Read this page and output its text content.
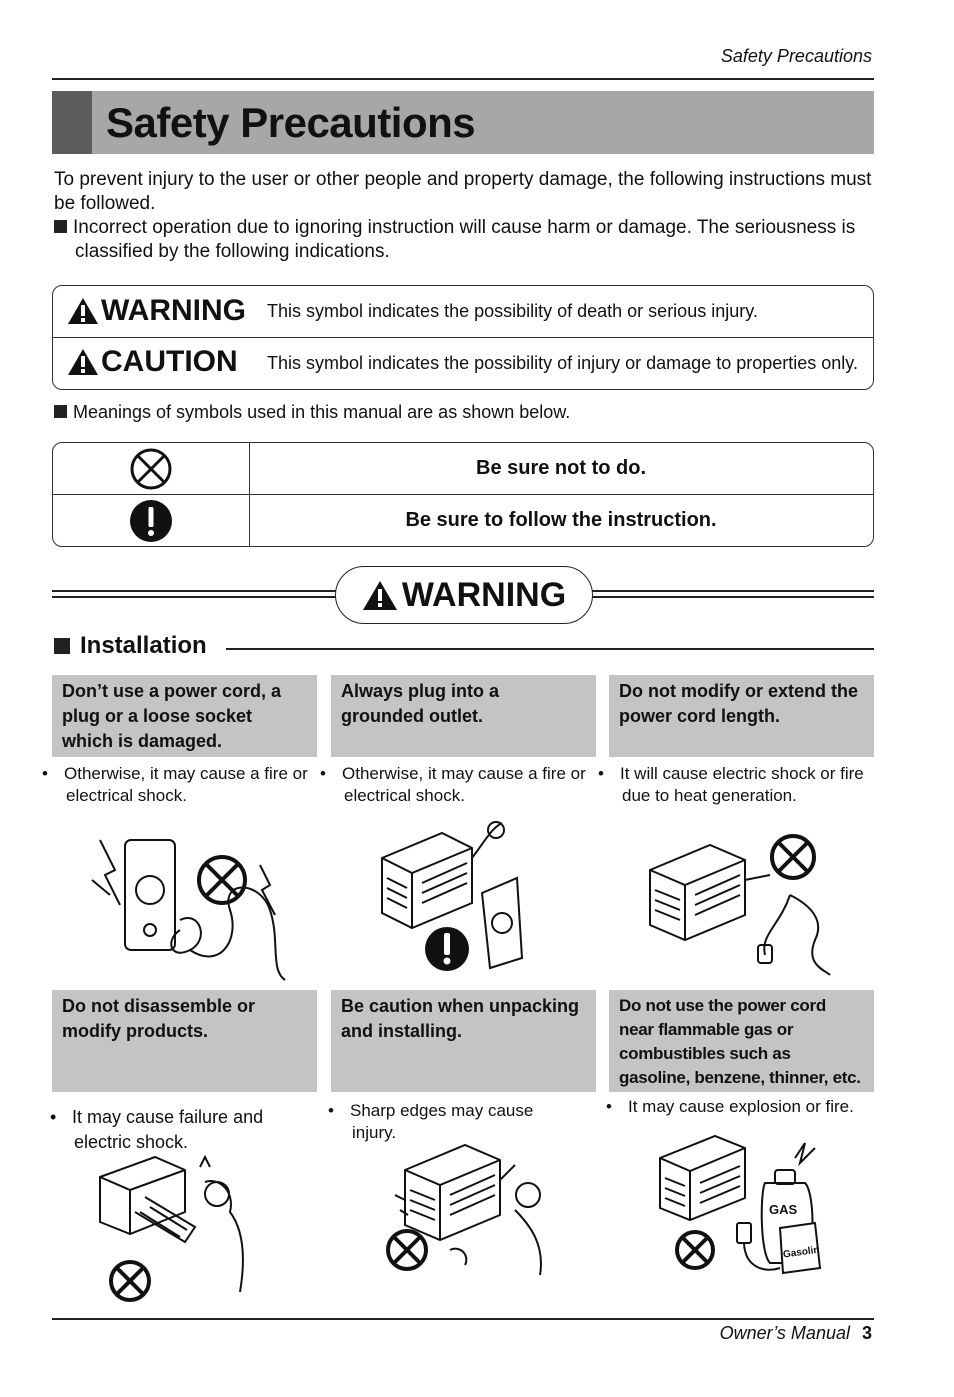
Safety Precautions
Safety Precautions

To prevent injury to the user or other people and property damage, the following instructions must be followed.

Incorrect operation due to ignoring instruction will cause harm or damage. The seriousness is classified by the following indications.

WARNING This symbol indicates the possibility of death or serious injury.
CAUTION This symbol indicates the possibility of injury or damage to properties only.
Meanings of symbols used in this manual are as shown below.
Be sure not to do.
Be sure to follow the instruction.
WARNING
Installation
Don’t use a power cord, a plug or a loose socket which is damaged.
Always plug into a grounded outlet.
Do not modify or extend the power cord length.
• Otherwise, it may cause a fire or electrical shock.
• Otherwise, it may cause a fire or electrical shock.
• It will cause electric shock or fire due to heat generation.
Do not disassemble or modify products.
Be caution when unpacking and installing.
Do not use the power cord near flammable gas or combustibles such as gasoline, benzene, thinner, etc.
• It may cause failure and electric shock.
• Sharp edges may cause injury.
• It may cause explosion or fire.
GAS
Gasolin
Owner’s Manual 3
